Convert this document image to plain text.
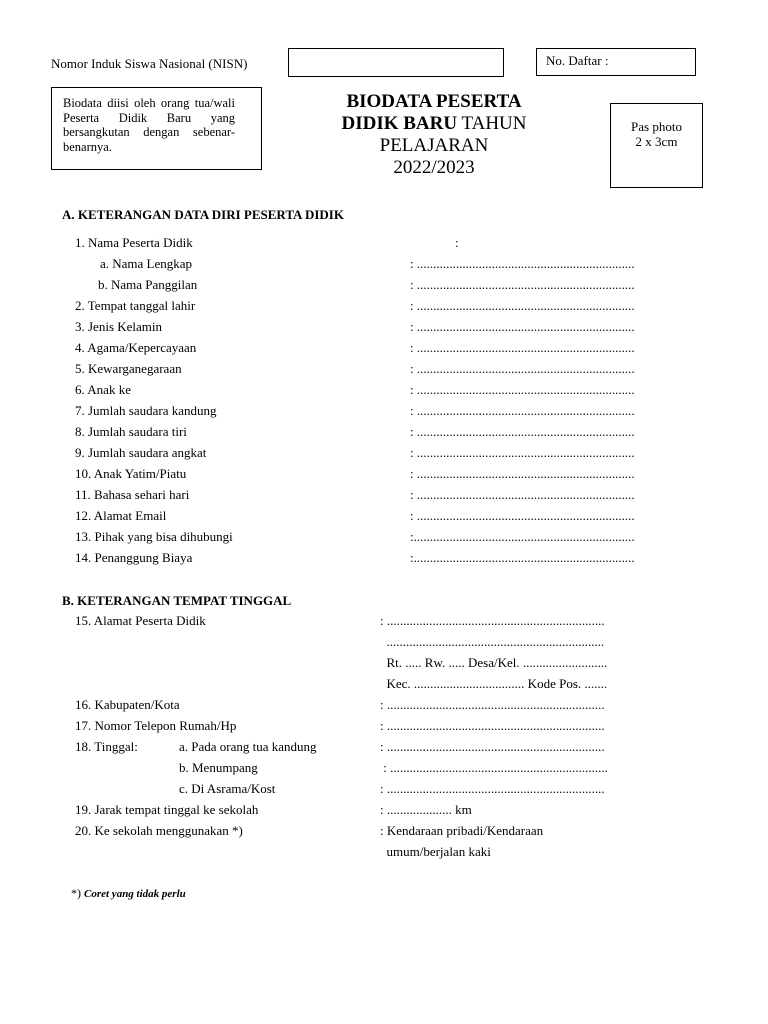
Nomor Induk Siswa Nasional (NISN)	No. Daftar :
Biodata diisi oleh orang tua/wali Peserta Didik Baru yang bersangkutan dengan sebenar-benarnya.
BIODATA PESERTA
DIDIK BARU TAHUN
PELAJARAN
2022/2023
Pas photo
2 x 3cm
A. KETERANGAN DATA DIRI PESERTA DIDIK
1. Nama Peserta Didik	:
a. Nama Lengkap	: ...................................................................
b. Nama Panggilan	: ...................................................................
2. Tempat tanggal lahir	: ...................................................................
3. Jenis Kelamin	: ...................................................................
4. Agama/Kepercayaan	: ...................................................................
5. Kewarganegaraan	: ...................................................................
6. Anak ke	: ...................................................................
7. Jumlah saudara kandung	: ...................................................................
8. Jumlah saudara tiri	: ...................................................................
9. Jumlah saudara angkat	: ...................................................................
10. Anak Yatim/Piatu	: ...................................................................
11. Bahasa sehari hari	: ...................................................................
12. Alamat Email	: ...................................................................
13. Pihak yang bisa dihubungi	:....................................................................
14. Penanggung Biaya	:....................................................................
B. KETERANGAN TEMPAT TINGGAL
15. Alamat Peserta Didik	: ...................................................................
...................................................................
Rt. ..... Rw. ..... Desa/Kel. ..........................
Kec. .................................. Kode Pos. .......
16. Kabupaten/Kota	: ...................................................................
17. Nomor Telepon Rumah/Hp	: ...................................................................
18. Tinggal:	a. Pada orang tua kandung	: ...................................................................
b. Menumpang	: ...................................................................
c. Di Asrama/Kost	: ...................................................................
19. Jarak tempat tinggal ke sekolah	: .................... km
20. Ke sekolah menggunakan *)	: Kendaraan pribadi/Kendaraan
umum/berjalan kaki
*) Coret yang tidak perlu
